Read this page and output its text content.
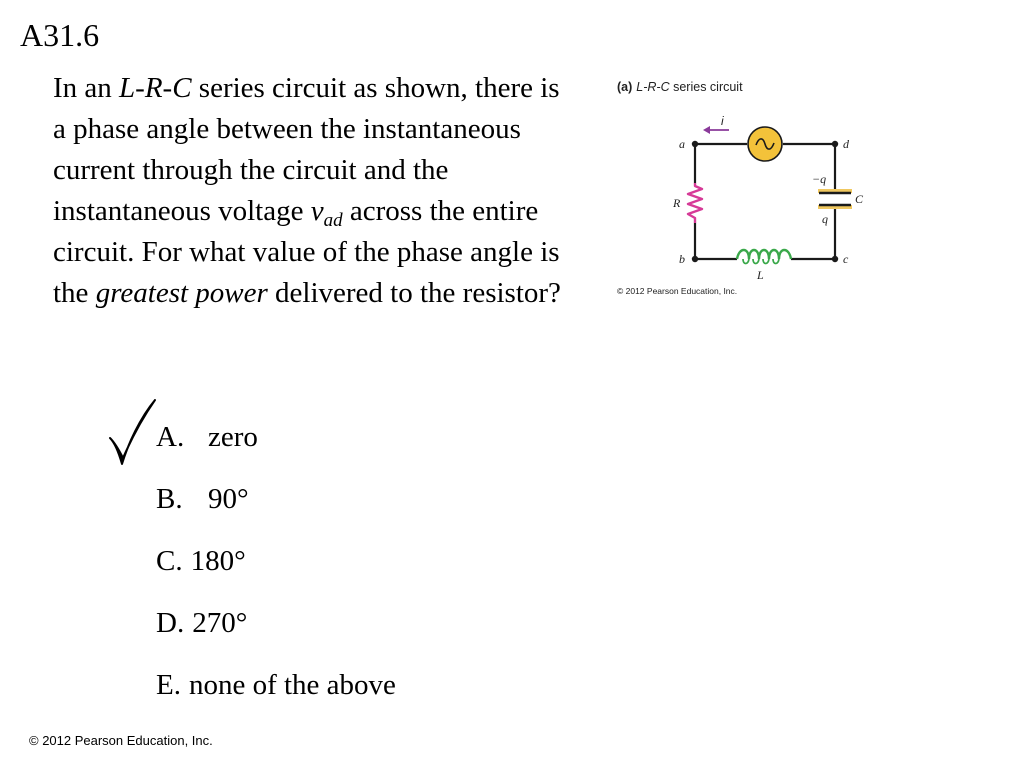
A31.6
In an L-R-C series circuit as shown, there is a phase angle between the instantaneous current through the circuit and the instantaneous voltage $v_{ad}$ across the entire circuit. For what value of the phase angle is the greatest power delivered to the resistor?
A. zero
B. 90°
C. 180°
D. 270°
E. none of the above
(a) L-R-C series circuit
i
a	d
b	c
R
L
C
−q
q
© 2012 Pearson Education, Inc.
© 2012 Pearson Education, Inc.
